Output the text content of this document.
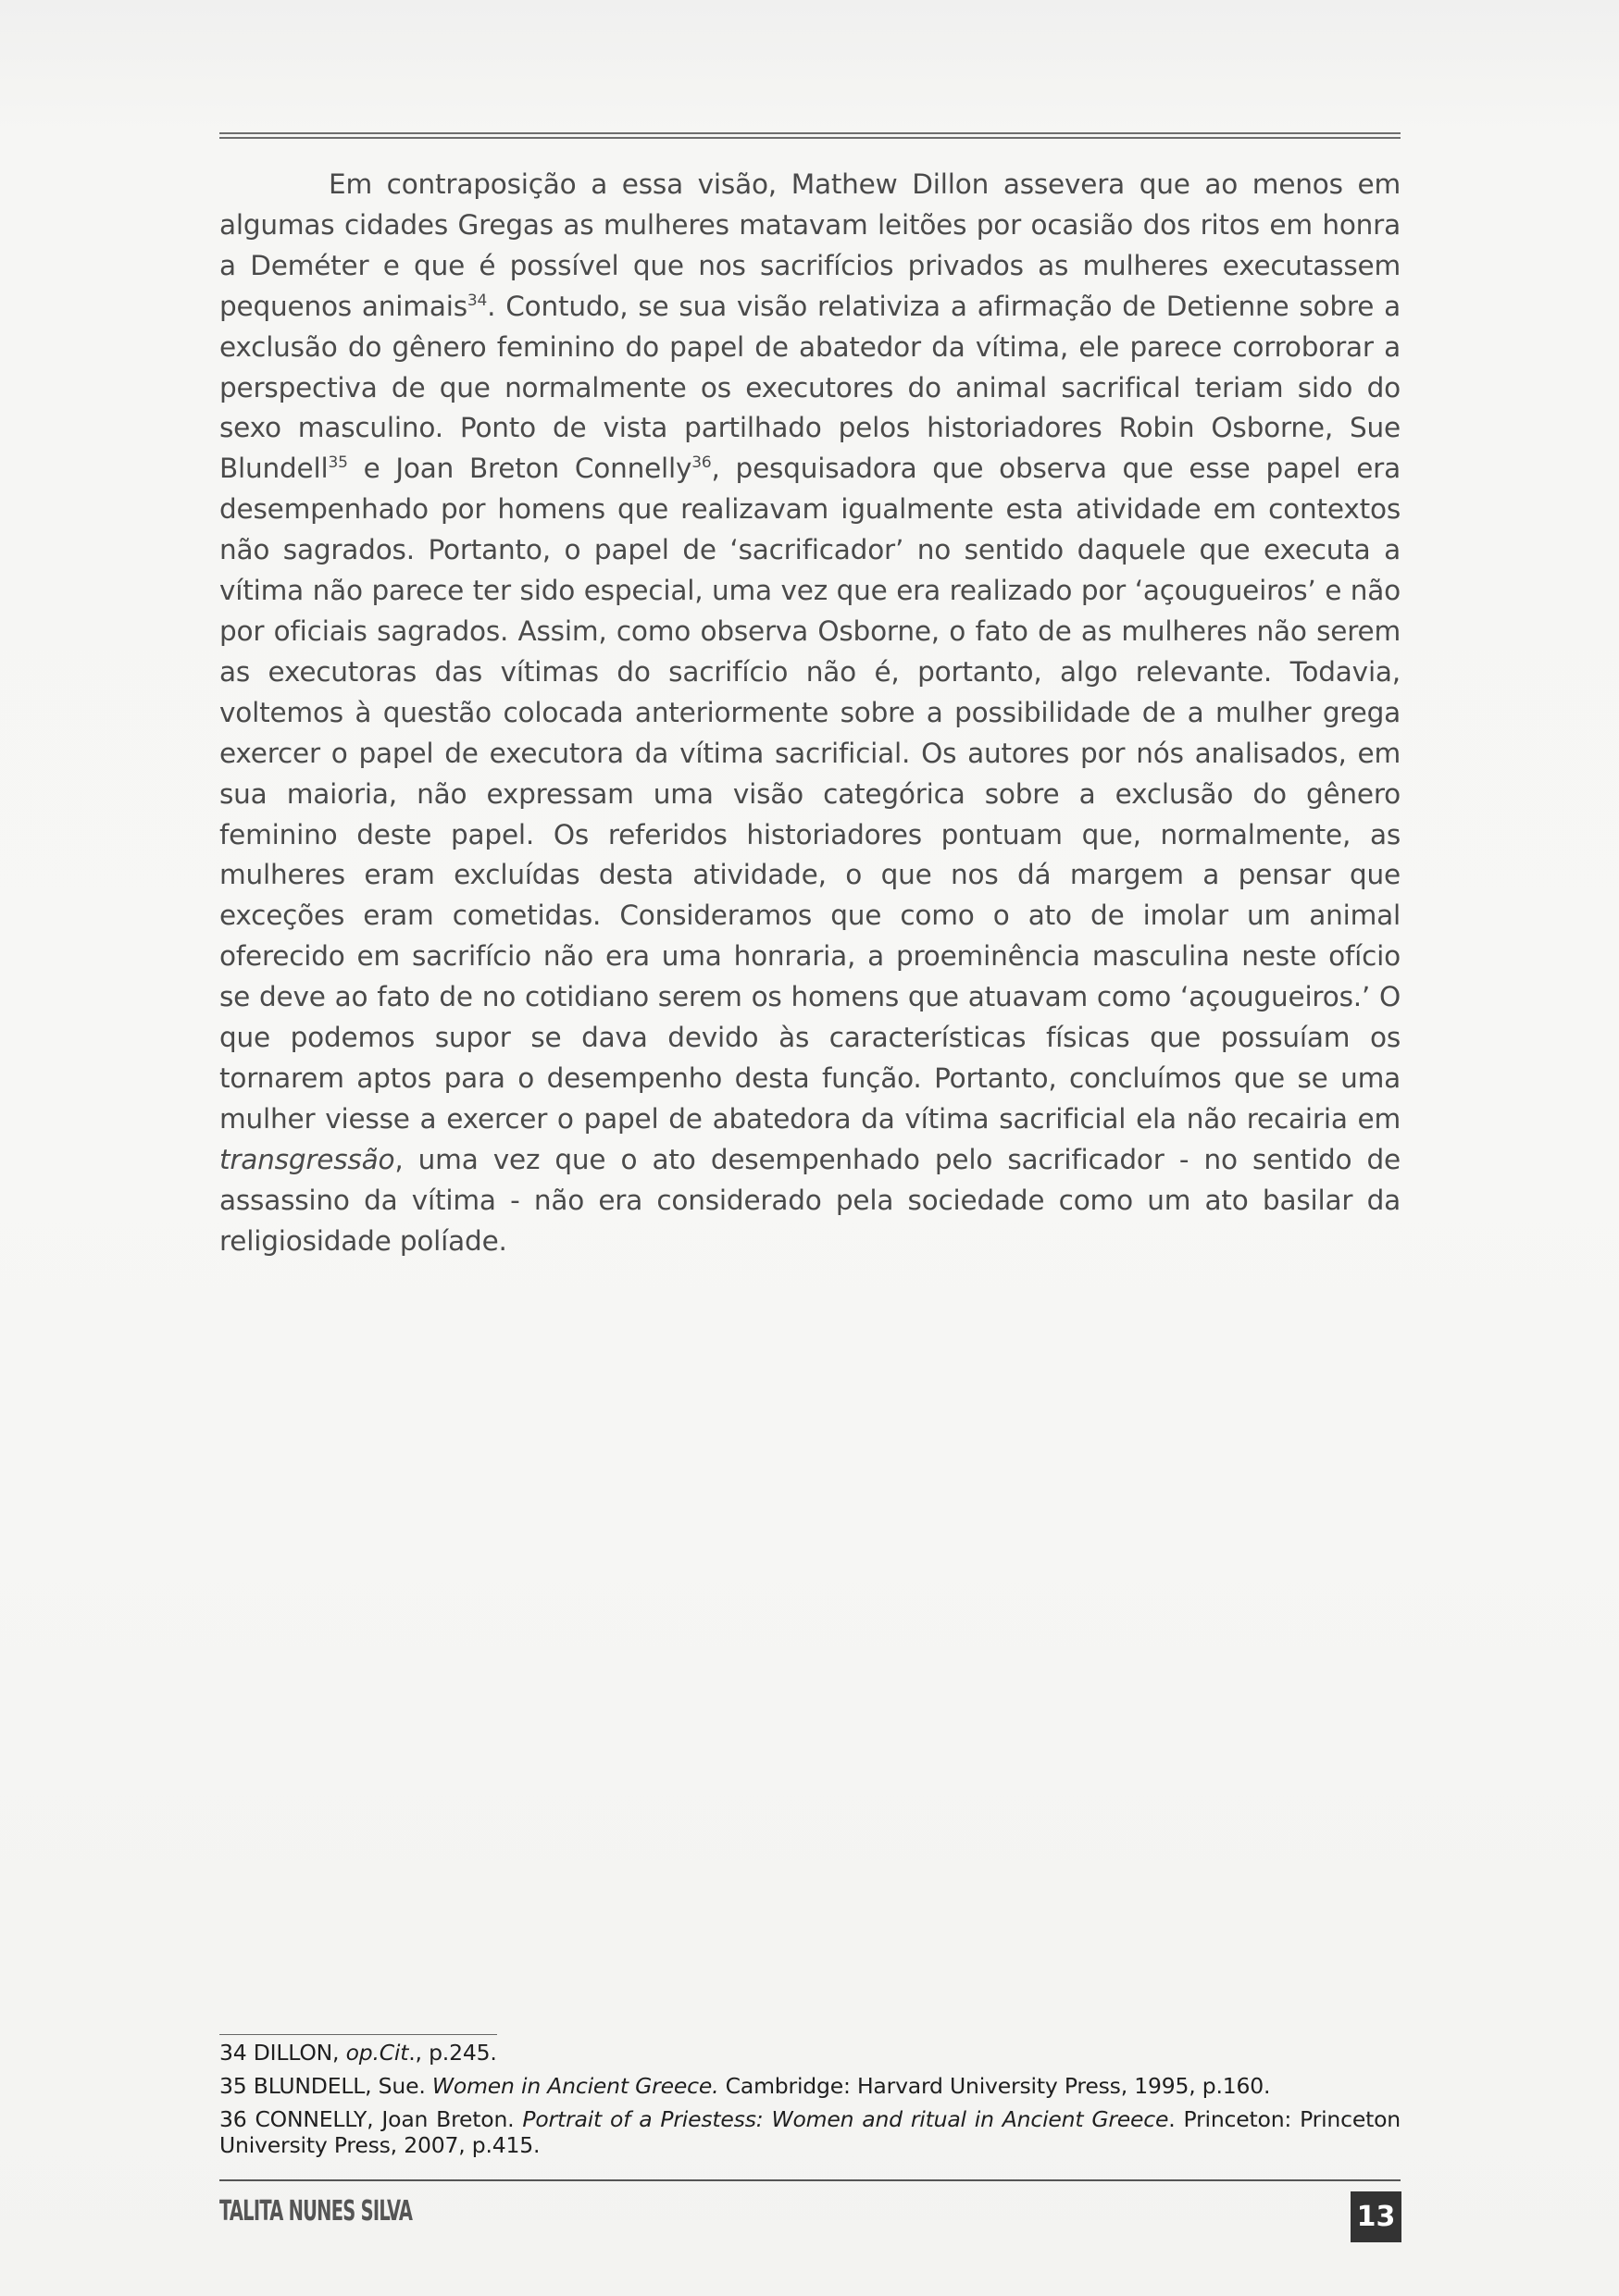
Em contraposição a essa visão, Mathew Dillon assevera que ao menos em algumas cidades Gregas as mulheres matavam leitões por ocasião dos ritos em honra a Deméter e que é possível que nos sacrifícios privados as mulheres executassem pequenos animais$^{34}$. Contudo, se sua visão relativiza a afirmação de Detienne sobre a exclusão do gênero feminino do papel de abatedor da vítima, ele parece corroborar a perspectiva de que normalmente os executores do animal sacrifical teriam sido do sexo masculino. Ponto de vista partilhado pelos historiadores Robin Osborne, Sue Blundell$^{35}$ e Joan Breton Connelly$^{36}$, pesquisadora que observa que esse papel era desempenhado por homens que realizavam igualmente esta atividade em contextos não sagrados. Portanto, o papel de ‘sacrificador’ no sentido daquele que executa a vítima não parece ter sido especial, uma vez que era realizado por ‘açougueiros’ e não por oficiais sagrados. Assim, como observa Osborne, o fato de as mulheres não serem as executoras das vítimas do sacrifício não é, portanto, algo relevante. Todavia, voltemos à questão colocada anteriormente sobre a possibilidade de a mulher grega exercer o papel de executora da vítima sacrificial. Os autores por nós analisados, em sua maioria, não expressam uma visão categórica sobre a exclusão do gênero feminino deste papel. Os referidos historiadores pontuam que, normalmente, as mulheres eram excluídas desta atividade, o que nos dá margem a pensar que exceções eram cometidas. Consideramos que como o ato de imolar um animal oferecido em sacrifício não era uma honraria, a proeminência masculina neste ofício se deve ao fato de no cotidiano serem os homens que atuavam como ‘açougueiros.’ O que podemos supor se dava devido às características físicas que possuíam os tornarem aptos para o desempenho desta função. Portanto, concluímos que se uma mulher viesse a exercer o papel de abatedora da vítima sacrificial ela não recairia em transgressão, uma vez que o ato desempenhado pelo sacrificador - no sentido de assassino da vítima - não era considerado pela sociedade como um ato basilar da religiosidade políade.

34 DILLON, op.Cit., p.245.

35 BLUNDELL, Sue. Women in Ancient Greece. Cambridge: Harvard University Press, 1995, p.160.

36 CONNELLY, Joan Breton. Portrait of a Priestess: Women and ritual in Ancient Greece. Princeton: Princeton University Press, 2007, p.415.

TALITA NUNES SILVA	13
